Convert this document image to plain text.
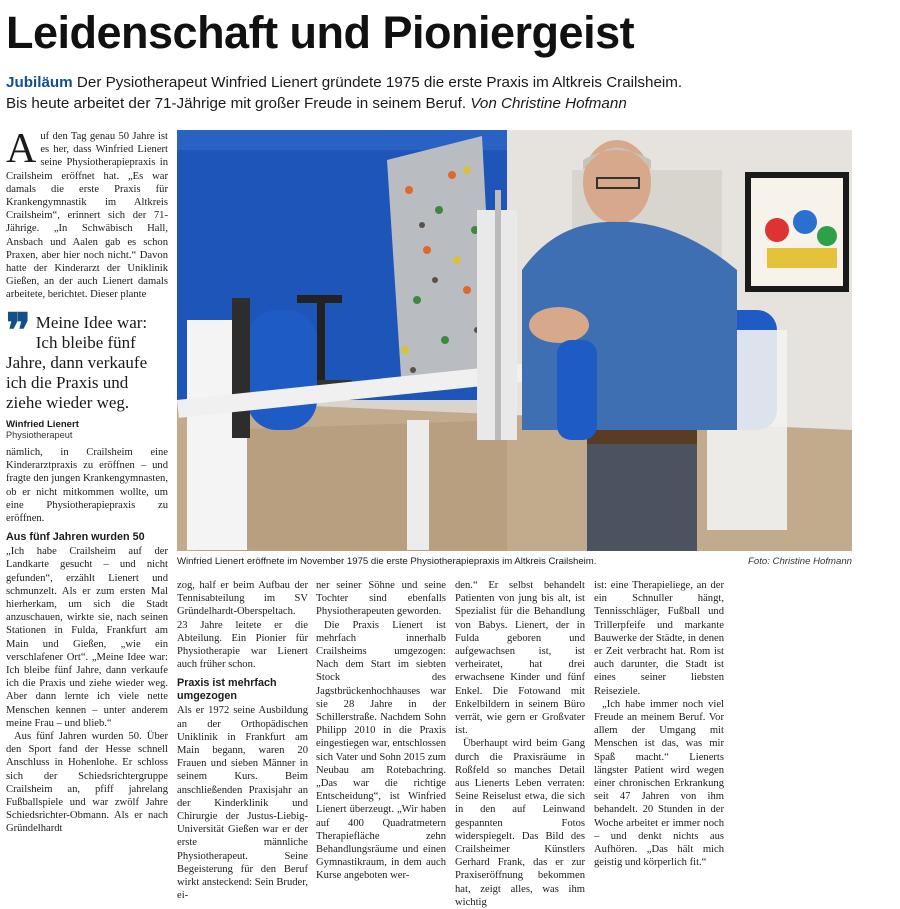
Leidenschaft und Pioniergeist
Jubiläum Der Pysiotherapeut Winfried Lienert gründete 1975 die erste Praxis im Altkreis Crailsheim.
Bis heute arbeitet der 71-Jährige mit großer Freude in seinem Beruf. Von Christine Hofmann

Auf den Tag genau 50 Jahre ist es her, dass Winfried Lienert seine Physiotherapiepraxis in Crailsheim eröffnet hat. „Es war damals die erste Praxis für Krankengymnastik im Altkreis Crailsheim“, erinnert sich der 71-Jährige. „In Schwäbisch Hall, Ansbach und Aalen gab es schon Praxen, aber hier noch nicht.“ Davon hatte der Kinderarzt der Uniklinik Gießen, an der auch Lienert damals arbeitete, berichtet. Dieser plante

❞ Meine Idee war: Ich bleibe fünf Jahre, dann verkaufe ich die Praxis und ziehe wieder weg.
Winfried Lienert
Physiotherapeut

nämlich, in Crailsheim eine Kinderarztpraxis zu eröffnen – und fragte den jungen Krankengymnasten, ob er nicht mitkommen wollte, um eine Physiotherapiepraxis zu eröffnen.

Aus fünf Jahren wurden 50

„Ich habe Crailsheim auf der Landkarte gesucht – und nicht gefunden“, erzählt Lienert und schmunzelt. Als er zum ersten Mal hierherkam, um sich die Stadt anzuschauen, wirkte sie, nach seinen Stationen in Fulda, Frankfurt am Main und Gießen, „wie ein verschlafener Ort“. „Meine Idee war: Ich bleibe fünf Jahre, dann verkaufe ich die Praxis und ziehe wieder weg. Aber dann lernte ich viele nette Menschen kennen – unter anderem meine Frau – und blieb.“

Aus fünf Jahren wurden 50. Über den Sport fand der Hesse schnell Anschluss in Hohenlohe. Er schloss sich der Schiedsrichtergruppe Crailsheim an, pfiff jahrelang Fußballspiele und war zwölf Jahre Schiedsrichter-Obmann. Als er nach Gründelhardt

Winfried Lienert eröffnete im November 1975 die erste Physiotherapiepraxis im Altkreis Crailsheim.	Foto: Christine Hofmann

zog, half er beim Aufbau der Tennisabteilung im SV Gründelhardt-Oberspeltach. 23 Jahre leitete er die Abteilung. Ein Pionier für Physiotherapie war Lienert auch früher schon.

Praxis ist mehrfach umgezogen

Als er 1972 seine Ausbildung an der Orthopädischen Uniklinik in Frankfurt am Main begann, waren 20 Frauen und sieben Männer in seinem Kurs. Beim anschließenden Praxisjahr an der Kinderklinik und Chirurgie der Justus-Liebig-Universität Gießen war er der erste männliche Physiotherapeut. Seine Begeisterung für den Beruf wirkt ansteckend: Sein Bruder, ei-

ner seiner Söhne und seine Tochter sind ebenfalls Physiotherapeuten geworden.

Die Praxis Lienert ist mehrfach innerhalb Crailsheims umgezogen: Nach dem Start im siebten Stock des Jagstbrückenhochhauses war sie 28 Jahre in der Schillerstraße. Nachdem Sohn Philipp 2010 in die Praxis eingestiegen war, entschlossen sich Vater und Sohn 2015 zum Neubau am Rotebachring. „Das war die richtige Entscheidung“, ist Winfried Lienert überzeugt. „Wir haben auf 400 Quadratmetern Therapiefläche zehn Behandlungsräume und einen Gymnastikraum, in dem auch Kurse angeboten wer-

den.“ Er selbst behandelt Patienten von jung bis alt, ist Spezialist für die Behandlung von Babys. Lienert, der in Fulda geboren und aufgewachsen ist, ist verheiratet, hat drei erwachsene Kinder und fünf Enkel. Die Fotowand mit Enkelbildern in seinem Büro verrät, wie gern er Großvater ist.

Überhaupt wird beim Gang durch die Praxisräume in Roßfeld so manches Detail aus Lienerts Leben verraten: Seine Reiselust etwa, die sich in den auf Leinwand gespannten Fotos widerspiegelt. Das Bild des Crailsheimer Künstlers Gerhard Frank, das er zur Praxiseröffnung bekommen hat, zeigt alles, was ihm wichtig

ist: eine Therapieliege, an der ein Schnuller hängt, Tennisschläger, Fußball und Trillerpfeife und markante Bauwerke der Städte, in denen er Zeit verbracht hat. Rom ist auch darunter, die Stadt ist eines seiner liebsten Reiseziele.

„Ich habe immer noch viel Freude an meinem Beruf. Vor allem der Umgang mit Menschen ist das, was mir Spaß macht.“ Lienerts längster Patient wird wegen einer chronischen Erkrankung seit 47 Jahren von ihm behandelt. 20 Stunden in der Woche arbeitet er immer noch – und denkt nichts aus Aufhören. „Das hält mich geistig und körperlich fit.“
